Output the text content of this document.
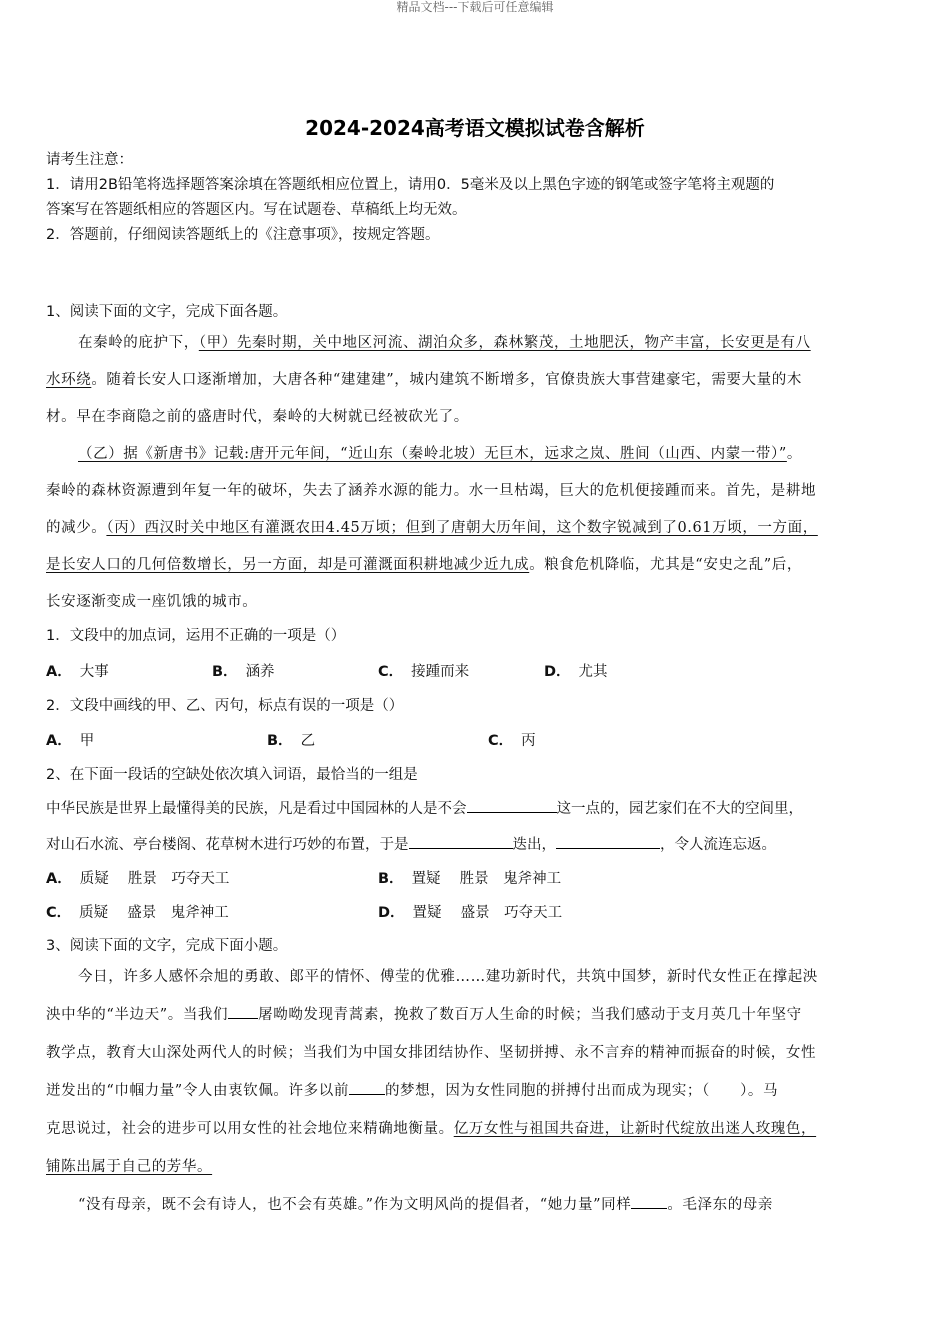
精品文档---下载后可任意编辑
2024-2024高考语文模拟试卷含解析
请考生注意：
1．请用2B铅笔将选择题答案涂填在答题纸相应位置上，请用0．5毫米及以上黑色字迹的钢笔或签字笔将主观题的
答案写在答题纸相应的答题区内。写在试题卷、草稿纸上均无效。
2．答题前，仔细阅读答题纸上的《注意事项》，按规定答题。
1、阅读下面的文字，完成下面各题。
在秦岭的庇护下，（甲）先秦时期，关中地区河流、湖泊众多，森林繁茂，土地肥沃，物产丰富，长安更是有八
水环绕。随着长安人口逐渐增加，大唐各种“建建建”，城内建筑不断增多，官僚贵族大事营建豪宅，需要大量的木
材。早在李商隐之前的盛唐时代，秦岭的大树就已经被砍光了。
（乙）据《新唐书》记载:唐开元年间，“近山东（秦岭北坡）无巨木，远求之岚、胜间（山西、内蒙一带）”。
秦岭的森林资源遭到年复一年的破坏，失去了涵养水源的能力。水一旦枯竭，巨大的危机便接踵而来。首先，是耕地
的减少。（丙）西汉时关中地区有灌溉农田4.45万顷；但到了唐朝大历年间，这个数字锐减到了0.61万顷，一方面，
是长安人口的几何倍数增长，另一方面，却是可灌溉面积耕地减少近九成。粮食危机降临，尤其是“安史之乱”后，
长安逐渐变成一座饥饿的城市。
1．文段中的加点词，运用不正确的一项是（）
A． 大事	B． 涵养	C． 接踵而来	D． 尤其
2．文段中画线的甲、乙、丙句，标点有误的一项是（）
A． 甲	B． 乙	C． 丙
2、在下面一段话的空缺处依次填入词语，最恰当的一组是
中华民族是世界上最懂得美的民族，凡是看过中国园林的人是不会	这一点的，园艺家们在不大的空间里，
对山石水流、亭台楼阁、花草树木进行巧妙的布置，于是	迭出，	，令人流连忘返。
A． 质疑　 胜景　巧夺天工	B． 置疑　 胜景　鬼斧神工
C． 质疑　 盛景　鬼斧神工	D． 置疑　 盛景　巧夺天工
3、阅读下面的文字，完成下面小题。
今日，许多人感怀佘旭的勇敢、郎平的情怀、傅莹的优雅……建功新时代，共筑中国梦，新时代女性正在撑起泱
泱中华的“半边天”。当我们 屠呦呦发现青蒿素，挽救了数百万人生命的时候；当我们感动于支月英几十年坚守
教学点，教育大山深处两代人的时候；当我们为中国女排团结协作、坚韧拼搏、永不言弃的精神而振奋的时候，女性
迸发出的“巾帼力量”令人由衷钦佩。许多以前 的梦想，因为女性同胞的拼搏付出而成为现实；（　　）。马
克思说过，社会的进步可以用女性的社会地位来精确地衡量。亿万女性与祖国共奋进，让新时代绽放出迷人玫瑰色，
铺陈出属于自己的芳华。
“没有母亲，既不会有诗人，也不会有英雄。”作为文明风尚的提倡者，“她力量”同样 。毛泽东的母亲
